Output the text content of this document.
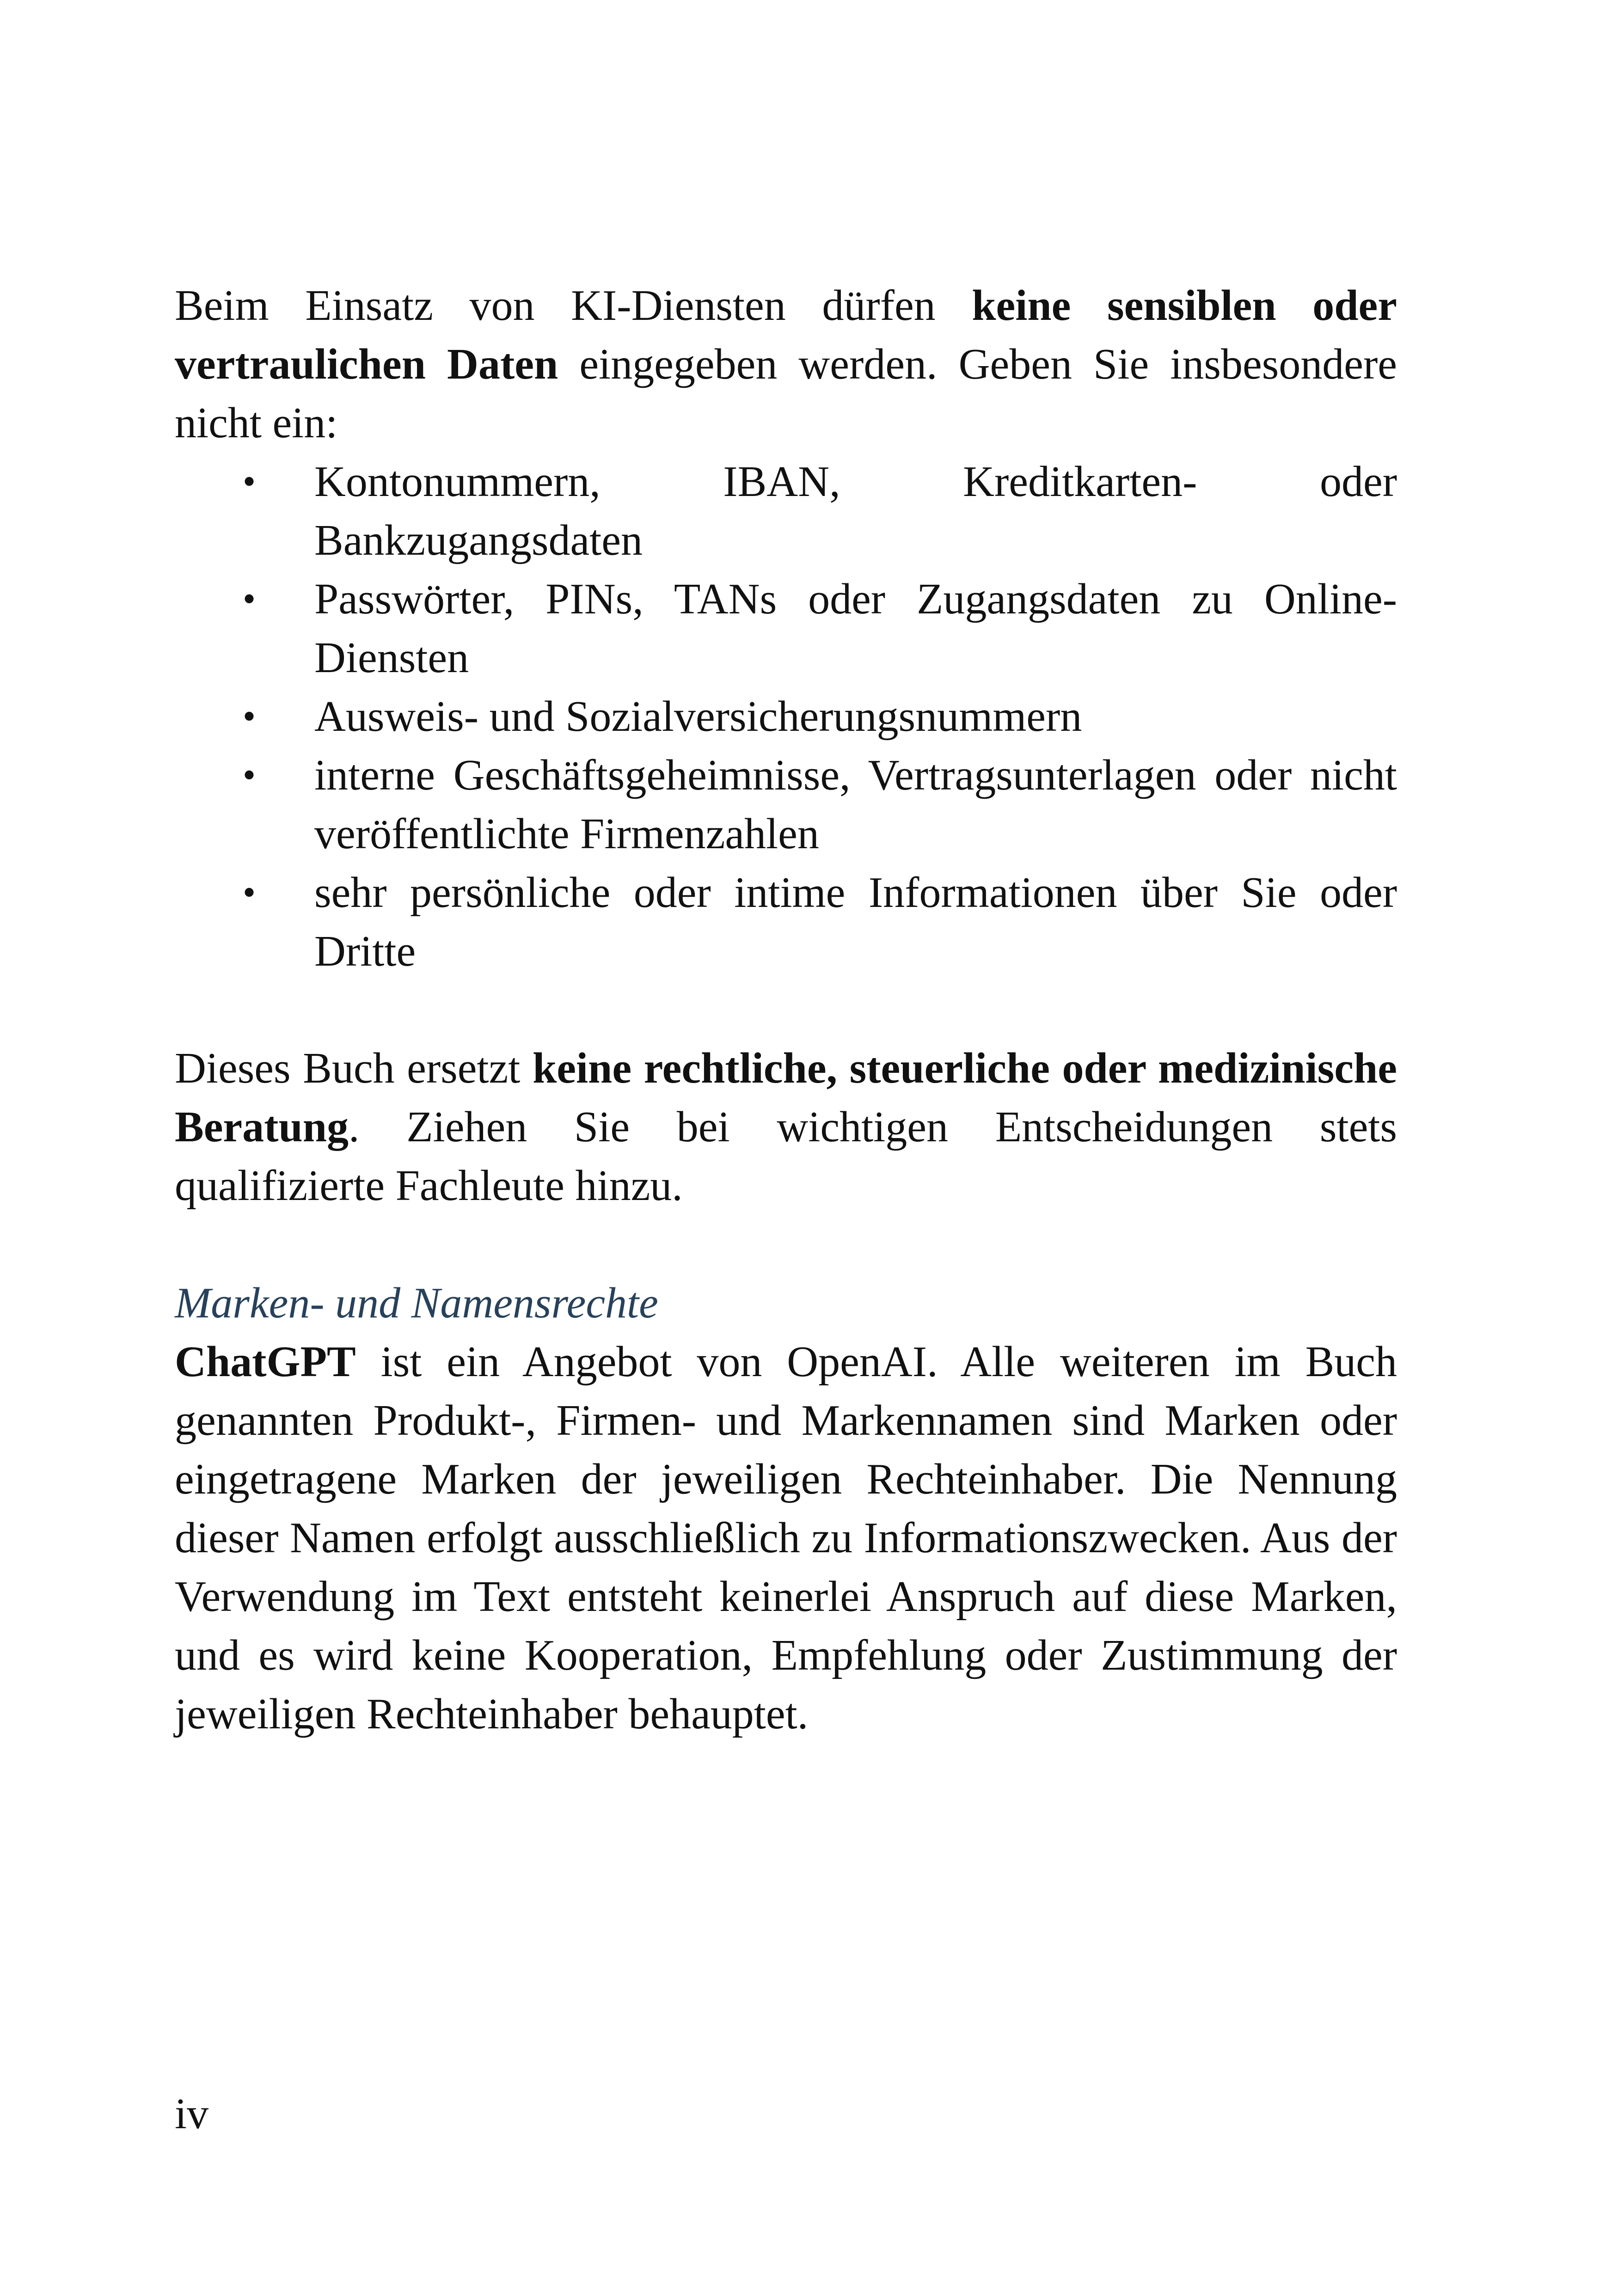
Beim Einsatz von KI-Diensten dürfen keine sensiblen oder vertraulichen Daten eingegeben werden. Geben Sie insbesondere nicht ein:

• Kontonummern, IBAN, Kreditkarten- oder Bankzugangsdaten
• Passwörter, PINs, TANs oder Zugangsdaten zu Online-Diensten
• Ausweis- und Sozialversicherungsnummern
• interne Geschäftsgeheimnisse, Vertragsunterlagen oder nicht veröffentlichte Firmenzahlen
• sehr persönliche oder intime Informationen über Sie oder Dritte

Dieses Buch ersetzt keine rechtliche, steuerliche oder medizinische Beratung. Ziehen Sie bei wichtigen Entscheidungen stets qualifizierte Fachleute hinzu.

Marken- und Namensrechte

ChatGPT ist ein Angebot von OpenAI. Alle weiteren im Buch genannten Produkt-, Firmen- und Markennamen sind Marken oder eingetragene Marken der jeweiligen Rechteinhaber. Die Nennung dieser Namen erfolgt ausschließlich zu Informationszwecken. Aus der Verwendung im Text entsteht keinerlei Anspruch auf diese Marken, und es wird keine Kooperation, Empfehlung oder Zustimmung der jeweiligen Rechteinhaber behauptet.

iv
